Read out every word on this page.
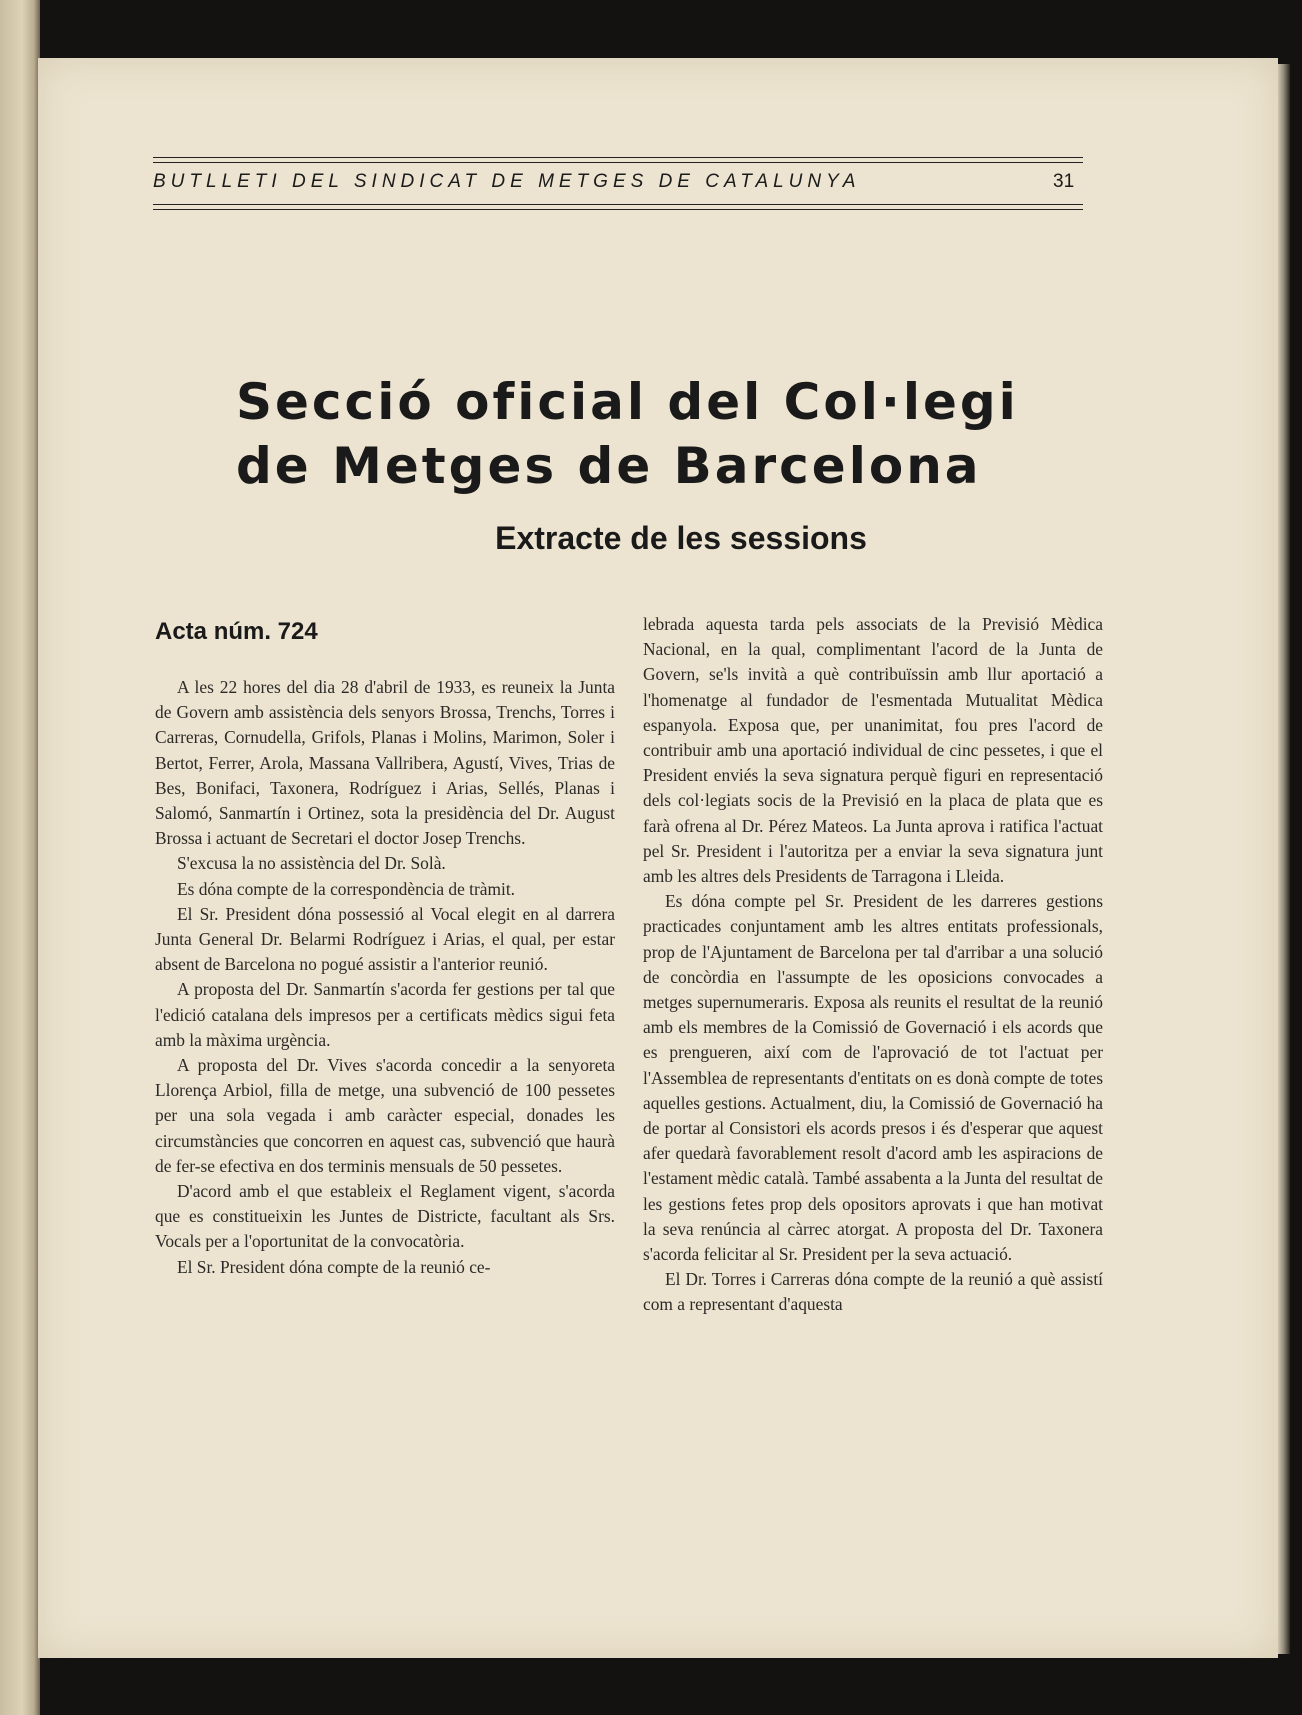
BUTLLETI DEL SINDICAT DE METGES DE CATALUNYA	31
Secció oficial del Col·legi
de Metges de Barcelona
Extracte de les sessions
Acta núm. 724

A les 22 hores del dia 28 d'abril de 1933, es reuneix la Junta de Govern amb assistència dels senyors Brossa, Trenchs, Torres i Carreras, Cornudella, Grifols, Planas i Molins, Marimon, Soler i Bertot, Ferrer, Arola, Massana Vallribera, Agustí, Vives, Trias de Bes, Bonifaci, Taxonera, Rodríguez i Arias, Sellés, Planas i Salomó, Sanmartín i Ortinez, sota la presidència del Dr. August Brossa i actuant de Secretari el doctor Josep Trenchs.

S'excusa la no assistència del Dr. Solà.

Es dóna compte de la correspondència de tràmit.

El Sr. President dóna possessió al Vocal elegit en al darrera Junta General Dr. Belarmi Rodríguez i Arias, el qual, per estar absent de Barcelona no pogué assistir a l'anterior reunió.

A proposta del Dr. Sanmartín s'acorda fer gestions per tal que l'edició catalana dels impresos per a certificats mèdics sigui feta amb la màxima urgència.

A proposta del Dr. Vives s'acorda concedir a la senyoreta Llorença Arbiol, filla de metge, una subvenció de 100 pessetes per una sola vegada i amb caràcter especial, donades les circumstàncies que concorren en aquest cas, subvenció que haurà de fer-se efectiva en dos terminis mensuals de 50 pessetes.

D'acord amb el que estableix el Reglament vigent, s'acorda que es constitueixin les Juntes de Districte, facultant als Srs. Vocals per a l'oportunitat de la convocatòria.

El Sr. President dóna compte de la reunió ce-

lebrada aquesta tarda pels associats de la Previsió Mèdica Nacional, en la qual, complimentant l'acord de la Junta de Govern, se'ls invità a què contribuïssin amb llur aportació a l'homenatge al fundador de l'esmentada Mutualitat Mèdica espanyola. Exposa que, per unanimitat, fou pres l'acord de contribuir amb una aportació individual de cinc pessetes, i que el President enviés la seva signatura perquè figuri en representació dels col·legiats socis de la Previsió en la placa de plata que es farà ofrena al Dr. Pérez Mateos. La Junta aprova i ratifica l'actuat pel Sr. President i l'autoritza per a enviar la seva signatura junt amb les altres dels Presidents de Tarragona i Lleida.

Es dóna compte pel Sr. President de les darreres gestions practicades conjuntament amb les altres entitats professionals, prop de l'Ajuntament de Barcelona per tal d'arribar a una solució de concòrdia en l'assumpte de les oposicions convocades a metges supernumeraris. Exposa als reunits el resultat de la reunió amb els membres de la Comissió de Governació i els acords que es prengueren, així com de l'aprovació de tot l'actuat per l'Assemblea de representants d'entitats on es donà compte de totes aquelles gestions. Actualment, diu, la Comissió de Governació ha de portar al Consistori els acords presos i és d'esperar que aquest afer quedarà favorablement resolt d'acord amb les aspiracions de l'estament mèdic català. També assabenta a la Junta del resultat de les gestions fetes prop dels opositors aprovats i que han motivat la seva renúncia al càrrec atorgat. A proposta del Dr. Taxonera s'acorda felicitar al Sr. President per la seva actuació.

El Dr. Torres i Carreras dóna compte de la reunió a què assistí com a representant d'aquesta
